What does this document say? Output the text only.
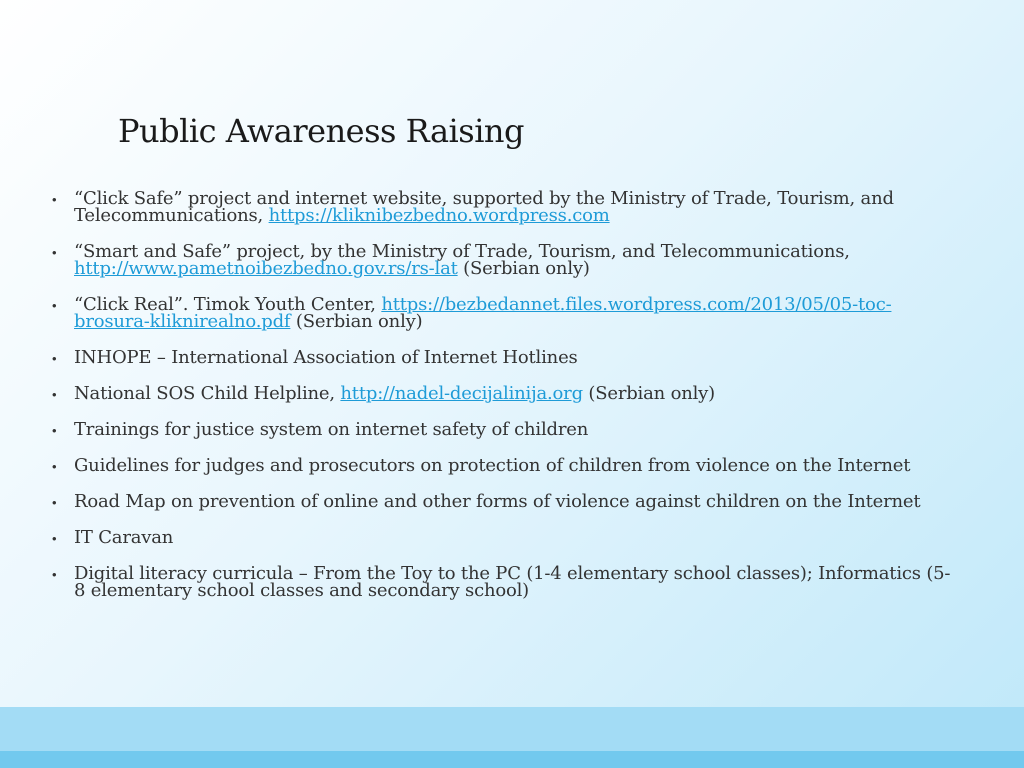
Public Awareness Raising
• “Click Safe” project and internet website, supported by the Ministry of Trade, Tourism, and Telecommunications, https://kliknibezbedno.wordpress.com
• “Smart and Safe” project, by the Ministry of Trade, Tourism, and Telecommunications, http://www.pametnoibezbedno.gov.rs/rs-lat (Serbian only)
• “Click Real”. Timok Youth Center, https://bezbedannet.files.wordpress.com/2013/05/05-toc-brosura-kliknirealno.pdf (Serbian only)
• INHOPE – International Association of Internet Hotlines
• National SOS Child Helpline, http://nadel-decijalinija.org (Serbian only)
• Trainings for justice system on internet safety of children
• Guidelines for judges and prosecutors on protection of children from violence on the Internet
• Road Map on prevention of online and other forms of violence against children on the Internet
• IT Caravan
• Digital literacy curricula – From the Toy to the PC (1-4 elementary school classes); Informatics (5-8 elementary school classes and secondary school)
